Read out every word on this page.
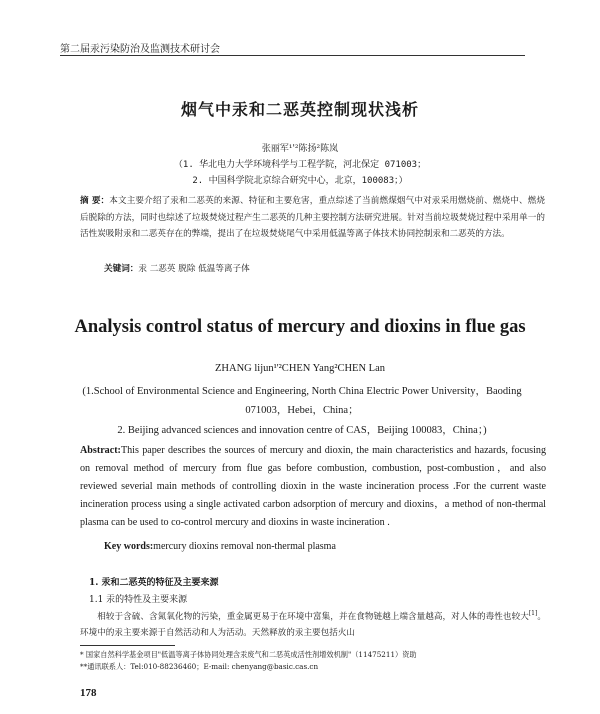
第二届汞污染防治及监测技术研讨会
烟气中汞和二恶英控制现状浅析
张丽军¹'²陈扬²陈岚
（1. 华北电力大学环境科学与工程学院，河北保定 071003；
2. 中国科学院北京综合研究中心，北京，100083；）
摘 要：本文主要介绍了汞和二恶英的来源、特征和主要危害，重点综述了当前燃煤烟气中对汞采用燃烧前、燃烧中、燃烧后脱除的方法，同时也综述了垃圾焚烧过程产生二恶英的几种主要控制方法研究进展。针对当前垃圾焚烧过程中采用单一的活性炭吸附汞和二恶英存在的弊端，提出了在垃圾焚烧尾气中采用低温等离子体技术协同控制汞和二恶英的方法。
关键词：汞 二恶英 脱除 低温等离子体
Analysis control status of mercury and dioxins in flue gas
ZHANG lijun¹'²CHEN Yang²CHEN Lan
(1.School of Environmental Science and Engineering, North China Electric Power University，Baoding 071003，Hebei，China；
2. Beijing advanced sciences and innovation centre of CAS，Beijing 100083，China；)
Abstract:This paper describes the sources of mercury and dioxin, the main characteristics and hazards, focusing on removal method of mercury from flue gas before combustion, combustion, post-combustion，and also reviewed severial main methods of controlling dioxin in the waste incineration process .For the current waste incineration process using a single activated carbon adsorption of mercury and dioxins，a method of non-thermal plasma can be used to co-control mercury and dioxins in waste incineration .
Key words:mercury dioxins removal non-thermal plasma
1. 汞和二恶英的特征及主要来源
1.1 汞的特性及主要来源
　　相较于含硫、含氮氧化物的污染，重金属更易于在环境中富集，并在食物链越上端含量越高，对人体的毒性也较大[1]。环境中的汞主要来源于自然活动和人为活动。天然释放的汞主要包括火山
* 国家自然科学基金项目"低温等离子体协同处理含汞废气和二恶英成活性剂增效机制"（11475211）资助
**通讯联系人：Tel:010-88236460；E-mail: chenyang@basic.cas.cn
178
